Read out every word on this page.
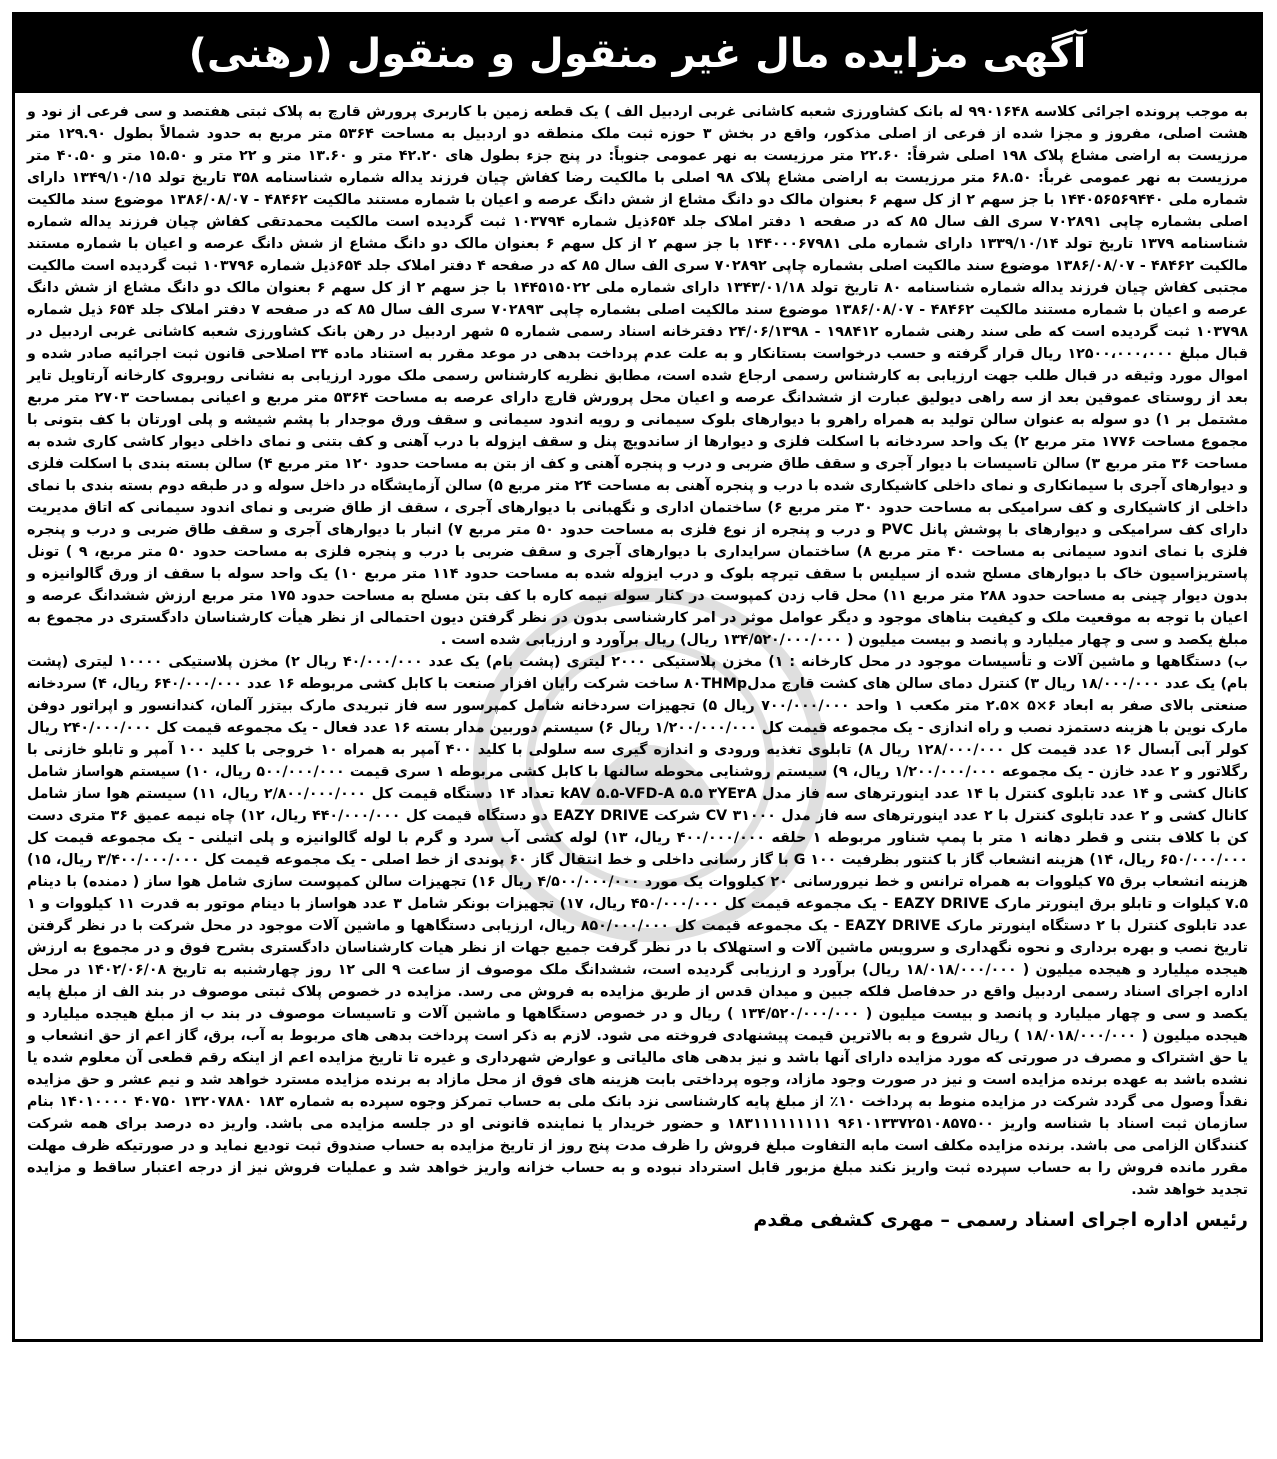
آگهی مزایده مال غیر منقول و منقول (رهنی)

به موجب پرونده اجرائی کلاسه ۹۹۰۱۶۴۸ له بانک کشاورزی شعبه کاشانی غربی اردبیل الف ) یک قطعه زمین با کاربری پرورش قارچ به پلاک ثبتی هفتصد و سی فرعی از نود و هشت اصلی، مفروز و مجزا شده از فرعی از اصلی مذکور، واقع در بخش ۳ حوزه ثبت ملک منطقه دو اردبیل به مساحت ۵۳۶۴ متر مربع به حدود شمالاً بطول ۱۲۹.۹۰ متر مرزیست به اراضی مشاع پلاک ۱۹۸ اصلی شرقاً: ۲۲.۶۰ متر مرزیست به نهر عمومی جنوباً: در پنج جزء بطول های ۴۲.۲۰ متر و ۱۳.۶۰ متر و ۲۲ متر و ۱۵.۵۰ متر و ۴۰.۵۰ متر مرزیست به نهر عمومی غرباً: ۶۸.۵۰ متر مرزیست به اراضی مشاع پلاک ۹۸ اصلی با مالکیت رضا کفاش چیان فرزند یداله شماره شناسنامه ۳۵۸ تاریخ تولد ۱۳۴۹/۱۰/۱۵ دارای شماره ملی ۱۴۴۰۵۶۵۶۹۴۴۰ با جز سهم ۲ از کل سهم ۶ بعنوان مالک دو دانگ مشاع از شش دانگ عرصه و اعیان با شماره مستند مالکیت ۴۸۴۶۲ - ۱۳۸۶/۰۸/۰۷ موضوع سند مالکیت اصلی بشماره چاپی ۷۰۲۸۹۱ سری الف سال ۸۵ که در صفحه ۱ دفتر املاک جلد ۶۵۴ذیل شماره ۱۰۳۷۹۴ ثبت گردیده است مالکیت محمدتقی کفاش چیان فرزند یداله شماره شناسنامه ۱۳۷۹ تاریخ تولد ۱۳۳۹/۱۰/۱۴ دارای شماره ملی ۱۴۴۰۰۰۶۷۹۸۱ با جز سهم ۲ از کل سهم ۶ بعنوان مالک دو دانگ مشاع از شش دانگ عرصه و اعیان با شماره مستند مالکیت ۴۸۴۶۲ - ۱۳۸۶/۰۸/۰۷ موضوع سند مالکیت اصلی بشماره چاپی ۷۰۲۸۹۲ سری الف سال ۸۵ که در صفحه ۴ دفتر املاک جلد ۶۵۴ذیل شماره ۱۰۳۷۹۶ ثبت گردیده است مالکیت مجتبی کفاش چیان فرزند یداله شماره شناسنامه ۸۰ تاریخ تولد ۱۳۴۳/۰۱/۱۸ دارای شماره ملی ۱۴۴۵۱۵۰۲۲ با جز سهم ۲ از کل سهم ۶ بعنوان مالک دو دانگ مشاع از شش دانگ عرصه و اعیان با شماره مستند مالکیت ۴۸۴۶۲ - ۱۳۸۶/۰۸/۰۷ موضوع سند مالکیت اصلی بشماره چاپی ۷۰۲۸۹۳ سری الف سال ۸۵ که در صفحه ۷ دفتر املاک جلد ۶۵۴ ذیل شماره ۱۰۳۷۹۸ ثبت گردیده است که طی سند رهنی شماره ۱۹۸۴۱۲ - ۲۴/۰۶/۱۳۹۸ دفترخانه اسناد رسمی شماره ۵ شهر اردبیل در رهن بانک کشاورزی شعبه کاشانی غربی اردبیل در قبال مبلغ ۱۲۵۰۰،۰۰۰،۰۰۰ ریال قرار گرفته و حسب درخواست بستانکار و به علت عدم پرداخت بدهی در موعد مقرر به استناد ماده ۳۴ اصلاحی قانون ثبت اجرائیه صادر شده و اموال مورد وثیقه در قبال طلب جهت ارزیابی به کارشناس رسمی ارجاع شده است، مطابق نظریه کارشناس رسمی ملک مورد ارزیابی به نشانی روبروی کارخانه آرتاویل تایر بعد از روستای عموقین بعد از سه راهی دیولیق عبارت از ششدانگ عرصه و اعیان محل پرورش قارچ دارای عرصه به مساحت ۵۳۶۴ متر مربع و اعیانی بمساحت ۲۷۰۳ متر مربع مشتمل بر ۱) دو سوله به عنوان سالن تولید به همراه راهرو با دیوارهای بلوک سیمانی و رویه اندود سیمانی و سقف ورق موجدار با پشم شیشه و پلی اورتان با کف بتونی با مجموع مساحت ۱۷۷۶ متر مربع ۲) یک واحد سردخانه با اسکلت فلزی و دیوارها از ساندویچ پنل و سقف ایزوله با درب آهنی و کف بتنی و نمای داخلی دیوار کاشی کاری شده به مساحت ۳۶ متر مربع ۳) سالن تاسیسات با دیوار آجری و سقف طاق ضربی و درب و پنجره آهنی و کف از بتن به مساحت حدود ۱۲۰ متر مربع ۴) سالن بسته بندی با اسکلت فلزی و دیوارهای آجری با سیمانکاری و نمای داخلی کاشیکاری شده با درب و پنجره آهنی به مساحت ۲۴ متر مربع ۵) سالن آزمایشگاه در داخل سوله و در طبقه دوم بسته بندی با نمای داخلی از کاشیکاری و کف سرامیکی به مساحت حدود ۳۰ متر مربع ۶) ساختمان اداری و نگهبانی با دیوارهای آجری ، سقف از طاق ضربی و نمای اندود سیمانی که اتاق مدیریت دارای کف سرامیکی و دیوارهای با پوشش پانل PVC و درب و پنجره از نوع فلزی به مساحت حدود ۵۰ متر مربع ۷) انبار با دیوارهای آجری و سقف طاق ضربی و درب و پنجره فلزی با نمای اندود سیمانی به مساحت ۴۰ متر مربع ۸) ساختمان سرایداری با دیوارهای آجری و سقف ضربی با درب و پنجره فلزی به مساحت حدود ۵۰ متر مربع، ۹ ) تونل پاستریزاسیون خاک با دیوارهای مسلح شده از سیلیس با سقف تیرچه بلوک و درب ایزوله شده به مساحت حدود ۱۱۴ متر مربع ۱۰) یک واحد سوله با سقف از ورق گالوانیزه و بدون دیوار چینی به مساحت حدود ۲۸۸ متر مربع ۱۱) محل قاب زدن کمپوست در کنار سوله نیمه کاره با کف بتن مسلح به مساحت حدود ۱۷۵ متر مربع ارزش ششدانگ عرصه و اعیان با توجه به موقعیت ملک و کیفیت بناهای موجود و دیگر عوامل موثر در امر کارشناسی بدون در نظر گرفتن دیون احتمالی از نظر هیأت کارشناسان دادگستری در مجموع به مبلغ یکصد و سی و چهار میلیارد و پانصد و بیست میلیون ( ۱۳۴/۵۲۰/۰۰۰/۰۰۰ ریال) ریال برآورد و ارزیابی شده است .

ب) دستگاهها و ماشین آلات و تأسیسات موجود در محل کارخانه : ۱) مخزن پلاستیکی ۲۰۰۰ لیتری (پشت بام) یک عدد ۴۰/۰۰۰/۰۰۰ ریال ۲) مخزن پلاستیکی ۱۰۰۰۰ لیتری (پشت بام) یک عدد ۱۸/۰۰۰/۰۰۰ ریال ۳) کنترل دمای سالن های کشت قارچ مدل۸۰THMp ساخت شرکت رایان افزار صنعت با کابل کشی مربوطه ۱۶ عدد ۶۴۰/۰۰۰/۰۰۰ ریال، ۴) سردخانه صنعتی بالای صفر به ابعاد ۶×۵ ×۲.۵ متر مکعب ۱ واحد ۷۰۰/۰۰۰/۰۰۰ ریال ۵) تجهیزات سردخانه شامل کمپرسور سه فاز تبریدی مارک بیتزر آلمان، کندانسور و اپراتور دوفن مارک نوین با هزینه دستمزد نصب و راه اندازی - یک مجموعه قیمت کل ۱/۲۰۰/۰۰۰/۰۰۰ ریال ۶) سیستم دوربین مدار بسته ۱۶ عدد فعال - یک مجموعه قیمت کل ۲۴۰/۰۰۰/۰۰۰ ریال کولر آبی آبسال ۱۶ عدد قیمت کل ۱۲۸/۰۰۰/۰۰۰ ریال ۸) تابلوی تغذیه ورودی و اندازه گیری سه سلولی با کلید ۴۰۰ آمپر به همراه ۱۰ خروجی با کلید ۱۰۰ آمپر و تابلو خازنی با رگلاتور و ۲ عدد خازن - یک مجموعه ۱/۲۰۰/۰۰۰/۰۰۰ ریال، ۹) سیستم روشنایی محوطه سالنها با کابل کشی مربوطه ۱ سری قیمت ۵۰۰/۰۰۰/۰۰۰ ریال، ۱۰) سیستم هواساز شامل کانال کشی و ۱۴ عدد تابلوی کنترل با ۱۴ عدد اینورترهای سه فاز مدل kAV ۵.۵-VFD-A ۵.۵ ۳YE۳A تعداد ۱۴ دستگاه قیمت کل ۲/۸۰۰/۰۰۰/۰۰۰ ریال، ۱۱) سیستم هوا ساز شامل کانال کشی و ۲ عدد تابلوی کنترل با ۲ عدد اینورترهای سه فاز مدل CV ۳۱۰۰۰ شرکت EAZY DRIVE دو دستگاه قیمت کل ۴۴۰/۰۰۰/۰۰۰ ریال، ۱۲) چاه نیمه عمیق ۳۶ متری دست کن با کلاف بتنی و قطر دهانه ۱ متر با پمپ شناور مربوطه ۱ حلقه ۴۰۰/۰۰۰/۰۰۰ ریال، ۱۳) لوله کشی آب سرد و گرم با لوله گالوانیزه و پلی اتیلنی - یک مجموعه قیمت کل ۶۵۰/۰۰۰/۰۰۰ ریال، ۱۴) هزینه انشعاب گاز با کنتور بظرفیت G ۱۰۰ با گاز رسانی داخلی و خط انتقال گاز ۶۰ پوندی از خط اصلی - یک مجموعه قیمت کل ۳/۴۰۰/۰۰۰/۰۰۰ ریال، ۱۵) هزینه انشعاب برق ۷۵ کیلووات به همراه ترانس و خط نیرورسانی ۲۰ کیلووات یک مورد ۴/۵۰۰/۰۰۰/۰۰۰ ریال ۱۶) تجهیزات سالن کمپوست سازی شامل هوا ساز ( دمنده) با دینام ۷.۵ کیلوات و تابلو برق اینورتر مارک EAZY DRIVE - یک مجموعه قیمت کل ۴۵۰/۰۰۰/۰۰۰ ریال، ۱۷) تجهیزات بونکر شامل ۳ عدد هواساز با دینام موتور به قدرت ۱۱ کیلووات و ۱ عدد تابلوی کنترل با ۲ دستگاه اینورتر مارک EAZY DRIVE - یک مجموعه قیمت کل ۸۵۰/۰۰۰/۰۰۰ ریال، ارزیابی دستگاهها و ماشین آلات موجود در محل شرکت با در نظر گرفتن تاریخ نصب و بهره برداری و نحوه نگهداری و سرویس ماشین آلات و استهلاک با در نظر گرفت جمیع جهات از نظر هیات کارشناسان دادگستری بشرح فوق و در مجموع به ارزش هیجده میلیارد و هیجده میلیون ( ۱۸/۰۱۸/۰۰۰/۰۰۰ ریال) برآورد و ارزیابی گردیده است، ششدانگ ملک موصوف از ساعت ۹ الی ۱۲ روز چهارشنبه به تاریخ ۱۴۰۲/۰۶/۰۸ در محل اداره اجرای اسناد رسمی اردبیل واقع در حدفاصل فلکه جبین و میدان قدس از طریق مزایده به فروش می رسد. مزایده در خصوص پلاک ثبتی موصوف در بند الف از مبلغ پایه یکصد و سی و چهار میلیارد و پانصد و بیست میلیون ( ۱۳۴/۵۲۰/۰۰۰/۰۰۰ ) ریال و در خصوص دستگاهها و ماشین آلات و تاسیسات موصوف در بند ب از مبلغ هیجده میلیارد و هیجده میلیون ( ۱۸/۰۱۸/۰۰۰/۰۰۰ ) ریال شروع و به بالاترین قیمت پیشنهادی فروخته می شود. لازم به ذکر است پرداخت بدهی های مربوط به آب، برق، گاز اعم از حق انشعاب و یا حق اشتراک و مصرف در صورتی که مورد مزایده دارای آنها باشد و نیز بدهی های مالیاتی و عوارض شهرداری و غیره تا تاریخ مزایده اعم از اینکه رقم قطعی آن معلوم شده یا نشده باشد به عهده برنده مزایده است و نیز در صورت وجود مازاد، وجوه پرداختی بابت هزینه های فوق از محل مازاد به برنده مزایده مسترد خواهد شد و نیم عشر و حق مزایده نقداً وصول می گردد شرکت در مزایده منوط به پرداخت ۱۰٪ از مبلغ پایه کارشناسی نزد بانک ملی به حساب تمرکز وجوه سپرده به شماره ۱۸۳ ۱۳۲۰۷۸۸۰ ۴۰۷۵۰ ۱۴۰۱۰۰۰۰ بنام سازمان ثبت اسناد با شناسه واریز ۹۶۱۰۱۳۳۷۲۵۱۰۸۵۷۵۰۰ ۱۸۳۱۱۱۱۱۱۱۱۱ و حضور خریدار یا نماینده قانونی او در جلسه مزایده می باشد. واریز ده درصد برای همه شرکت کنندگان الزامی می باشد. برنده مزایده مکلف است مابه التفاوت مبلغ فروش را ظرف مدت پنج روز از تاریخ مزایده به حساب صندوق ثبت تودیع نماید و در صورتیکه ظرف مهلت مقرر مانده فروش را به حساب سپرده ثبت واریز نکند مبلغ مزبور قابل استرداد نبوده و به حساب خزانه واریز خواهد شد و عملیات فروش نیز از درجه اعتبار ساقط و مزایده تجدید خواهد شد.

رئیس اداره اجرای اسناد رسمی – مهری کشفی مقدم
